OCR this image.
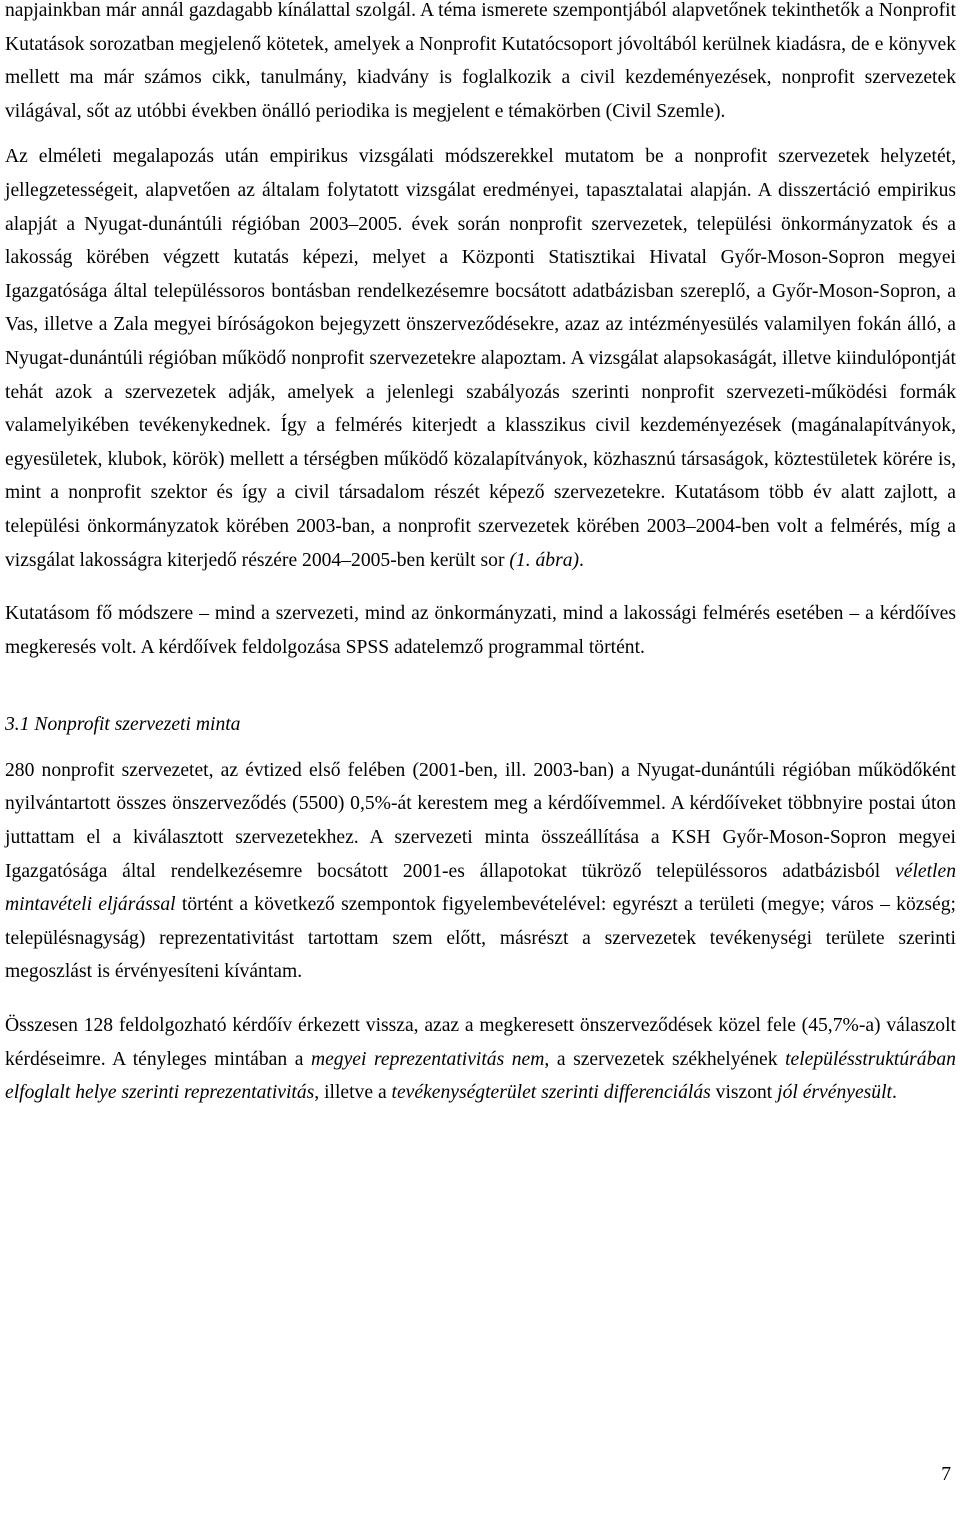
napjainkban már annál gazdagabb kínálattal szolgál. A téma ismerete szempontjából alapvetőnek tekinthetők a Nonprofit Kutatások sorozatban megjelenő kötetek, amelyek a Nonprofit Kutatócsoport jóvoltából kerülnek kiadásra, de e könyvek mellett ma már számos cikk, tanulmány, kiadvány is foglalkozik a civil kezdeményezések, nonprofit szervezetek világával, sőt az utóbbi években önálló periodika is megjelent e témakörben (Civil Szemle).

Az elméleti megalapozás után empirikus vizsgálati módszerekkel mutatom be a nonprofit szervezetek helyzetét, jellegzetességeit, alapvetően az általam folytatott vizsgálat eredményei, tapasztalatai alapján. A disszertáció empirikus alapját a Nyugat-dunántúli régióban 2003–2005. évek során nonprofit szervezetek, települési önkormányzatok és a lakosság körében végzett kutatás képezi, melyet a Központi Statisztikai Hivatal Győr-Moson-Sopron megyei Igazgatósága által településsoros bontásban rendelkezésemre bocsátott adatbázisban szereplő, a Győr-Moson-Sopron, a Vas, illetve a Zala megyei bíróságokon bejegyzett önszerveződésekre, azaz az intézményesülés valamilyen fokán álló, a Nyugat-dunántúli régióban működő nonprofit szervezetekre alapoztam. A vizsgálat alapsokaságát, illetve kiindulópontját tehát azok a szervezetek adják, amelyek a jelenlegi szabályozás szerinti nonprofit szervezeti-működési formák valamelyikében tevékenykednek. Így a felmérés kiterjedt a klasszikus civil kezdeményezések (magánalapítványok, egyesületek, klubok, körök) mellett a térségben működő közalapítványok, közhasznú társaságok, köztestületek körére is, mint a nonprofit szektor és így a civil társadalom részét képező szervezetekre. Kutatásom több év alatt zajlott, a települési önkormányzatok körében 2003-ban, a nonprofit szervezetek körében 2003–2004-ben volt a felmérés, míg a vizsgálat lakosságra kiterjedő részére 2004–2005-ben került sor (1. ábra).

Kutatásom fő módszere – mind a szervezeti, mind az önkormányzati, mind a lakossági felmérés esetében – a kérdőíves megkeresés volt. A kérdőívek feldolgozása SPSS adatelemző programmal történt.

3.1 Nonprofit szervezeti minta

280 nonprofit szervezetet, az évtized első felében (2001-ben, ill. 2003-ban) a Nyugat-dunántúli régióban működőként nyilvántartott összes önszerveződés (5500) 0,5%-át kerestem meg a kérdőívemmel. A kérdőíveket többnyire postai úton juttattam el a kiválasztott szervezetekhez. A szervezeti minta összeállítása a KSH Győr-Moson-Sopron megyei Igazgatósága által rendelkezésemre bocsátott 2001-es állapotokat tükröző településsoros adatbázisból véletlen mintavételi eljárással történt a következő szempontok figyelembevételével: egyrészt a területi (megye; város – község; településnagyság) reprezentativitást tartottam szem előtt, másrészt a szervezetek tevékenységi területe szerinti megoszlást is érvényesíteni kívántam.

Összesen 128 feldolgozható kérdőív érkezett vissza, azaz a megkeresett önszerveződések közel fele (45,7%-a) válaszolt kérdéseimre. A tényleges mintában a megyei reprezentativitás nem, a szervezetek székhelyének településstruktúrában elfoglalt helye szerinti reprezentativitás, illetve a tevékenységterület szerinti differenciálás viszont jól érvényesült.

7
